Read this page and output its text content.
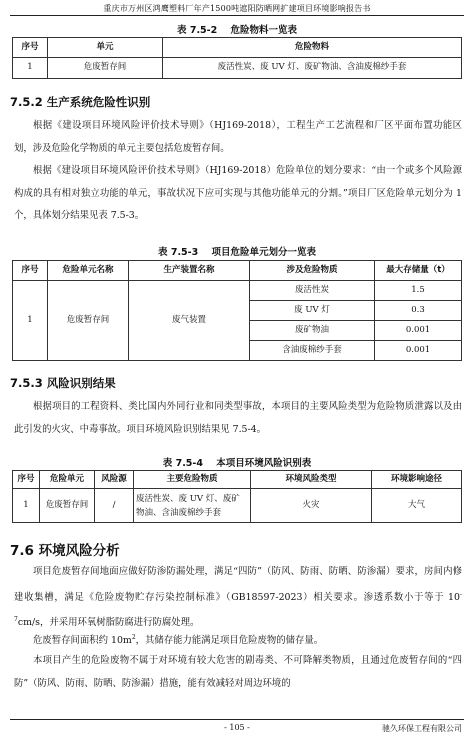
重庆市万州区鸿鹰塑料厂年产1500吨遮阳防晒网扩建项目环境影响报告书
表 7.5-2    危险物料一览表
序号	单元	危险物料
1	危废暂存间	废活性炭、废 UV 灯、废矿物油、含油废棉纱手套
7.5.2 生产系统危险性识别
根据《建设项目环境风险评价技术导则》（HJ169-2018），工程生产工艺流程和厂区平面布置功能区划，涉及危险化学物质的单元主要包括危废暂存间。
根据《建设项目环境风险评价技术导则》（HJ169-2018）危险单位的划分要求：“由一个或多个风险源构成的具有相对独立功能的单元，事故状况下应可实现与其他功能单元的分割。”项目厂区危险单元划分为 1 个，具体划分结果见表 7.5-3。
表 7.5-3    项目危险单元划分一览表
序号	危险单元名称	生产装置名称	涉及危险物质	最大存储量（t）
1	危废暂存间	废气装置	废活性炭	1.5
			废 UV 灯	0.3
			废矿物油	0.001
			含油废棉纱手套	0.001
7.5.3 风险识别结果
根据项目的工程资料、类比国内外同行业和同类型事故，本项目的主要风险类型为危险物质泄露以及由此引发的火灾、中毒事故。项目环境风险识别结果见 7.5-4。
表 7.5-4    本项目环境风险识别表
序号	危险单元	风险源	主要危险物质	环境风险类型	环境影响途径
1	危废暂存间	/	废活性炭、废 UV 灯、废矿物油、含油废棉纱手套	火灾	大气
7.6 环境风险分析
项目危废暂存间地面应做好防渗防漏处理，满足“四防”（防风、防雨、防晒、防渗漏）要求，房间内修建收集槽，满足《危险废物贮存污染控制标准》（GB18597-2023）相关要求。渗透系数小于等于 $10^{-7}cm/s$，并采用环氧树脂防腐进行防腐处理。
危废暂存间面积约 $10m^2$，其储存能力能满足项目危险废物的储存量。
本项目产生的危险废物不属于对环境有较大危害的剧毒类、不可降解类物质，且通过危废暂存间的“四防”（防风、防雨、防晒、防渗漏）措施，能有效减轻对周边环境的
- 105 -	驰久环保工程有限公司
